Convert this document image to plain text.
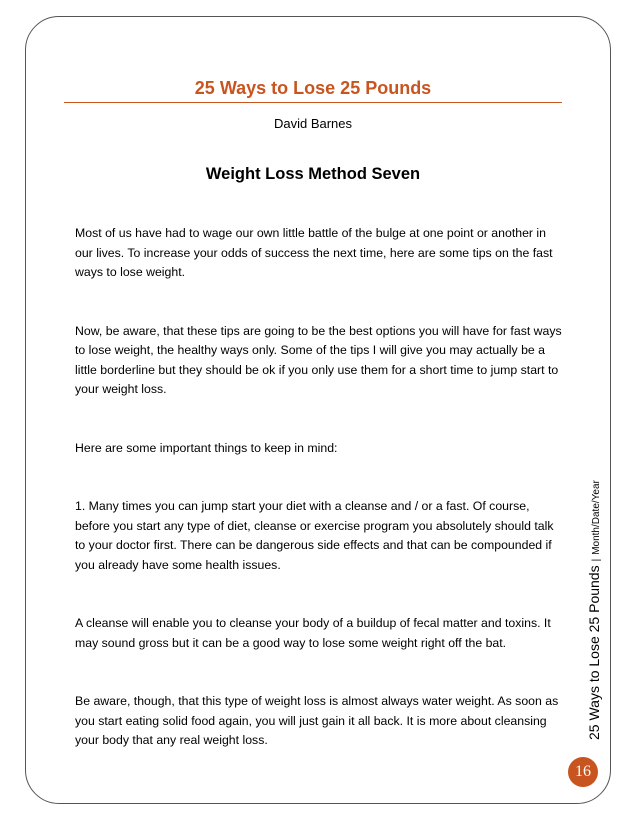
25 Ways to Lose 25 Pounds
David Barnes
Weight Loss Method Seven

Most of us have had to wage our own little battle of the bulge at one point or another in our lives. To increase your odds of success the next time, here are some tips on the fast ways to lose weight.

Now, be aware, that these tips are going to be the best options you will have for fast ways to lose weight, the healthy ways only. Some of the tips I will give you may actually be a little borderline but they should be ok if you only use them for a short time to jump start to your weight loss.

Here are some important things to keep in mind:

1. Many times you can jump start your diet with a cleanse and / or a fast. Of course, before you start any type of diet, cleanse or exercise program you absolutely should talk to your doctor first. There can be dangerous side effects and that can be compounded if you already have some health issues.

A cleanse will enable you to cleanse your body of a buildup of fecal matter and toxins. It may sound gross but it can be a good way to lose some weight right off the bat.

Be aware, though, that this type of weight loss is almost always water weight. As soon as you start eating solid food again, you will just gain it all back. It is more about cleansing your body that any real weight loss.	25 Ways to Lose 25 Pounds|Month/Date/Year
16
